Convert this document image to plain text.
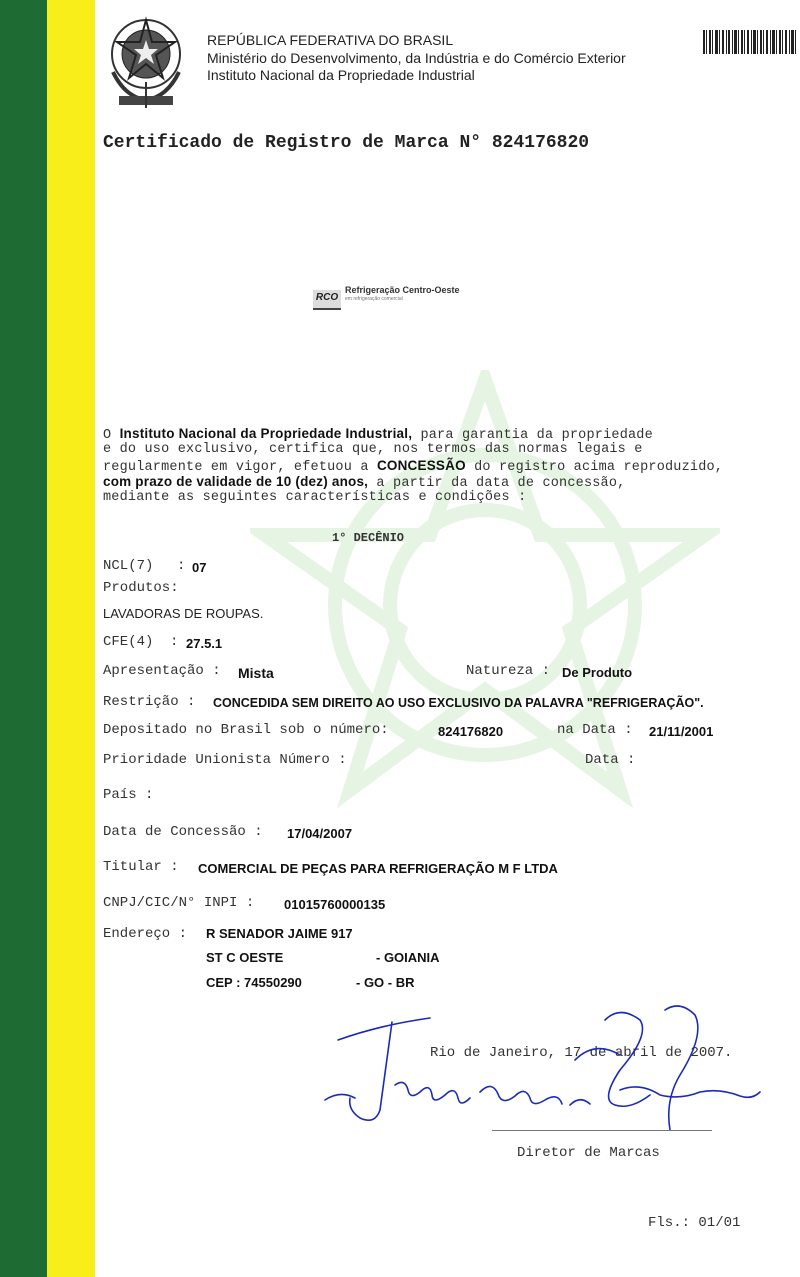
REPÚBLICA FEDERATIVA DO BRASIL
Ministério do Desenvolvimento, da Indústria e do Comércio Exterior
Instituto Nacional da Propriedade Industrial
Certificado de Registro de Marca N° 824176820
RCO
Refrigeração Centro-Oeste
em refrigeração comercial
O Instituto Nacional da Propriedade Industrial, para garantia da propriedade
e do uso exclusivo, certifica que, nos termos das normas legais e
regularmente em vigor, efetuou a CONCESSÃO do registro acima reproduzido,
com prazo de validade de 10 (dez) anos, a partir da data de concessão,
mediante as seguintes características e condições :
1° DECÊNIO
NCL(7) : 07
Produtos:
LAVADORAS DE ROUPAS.
CFE(4) : 27.5.1
Apresentação : Mista	Natureza : De Produto
Restrição : CONCEDIDA SEM DIREITO AO USO EXCLUSIVO DA PALAVRA "REFRIGERAÇÃO".
Depositado no Brasil sob o número:	824176820	na Data : 21/11/2001
Prioridade Unionista Número :	Data :
País :
Data de Concessão : 17/04/2007
Titular : COMERCIAL DE PEÇAS PARA REFRIGERAÇÃO M F LTDA
CNPJ/CIC/N° INPI : 01015760000135
Endereço : R SENADOR JAIME 917
ST C OESTE	- GOIANIA
CEP : 74550290	- GO - BR
Rio de Janeiro, 17 de abril de 2007.
Diretor de Marcas
Fls.: 01/01
